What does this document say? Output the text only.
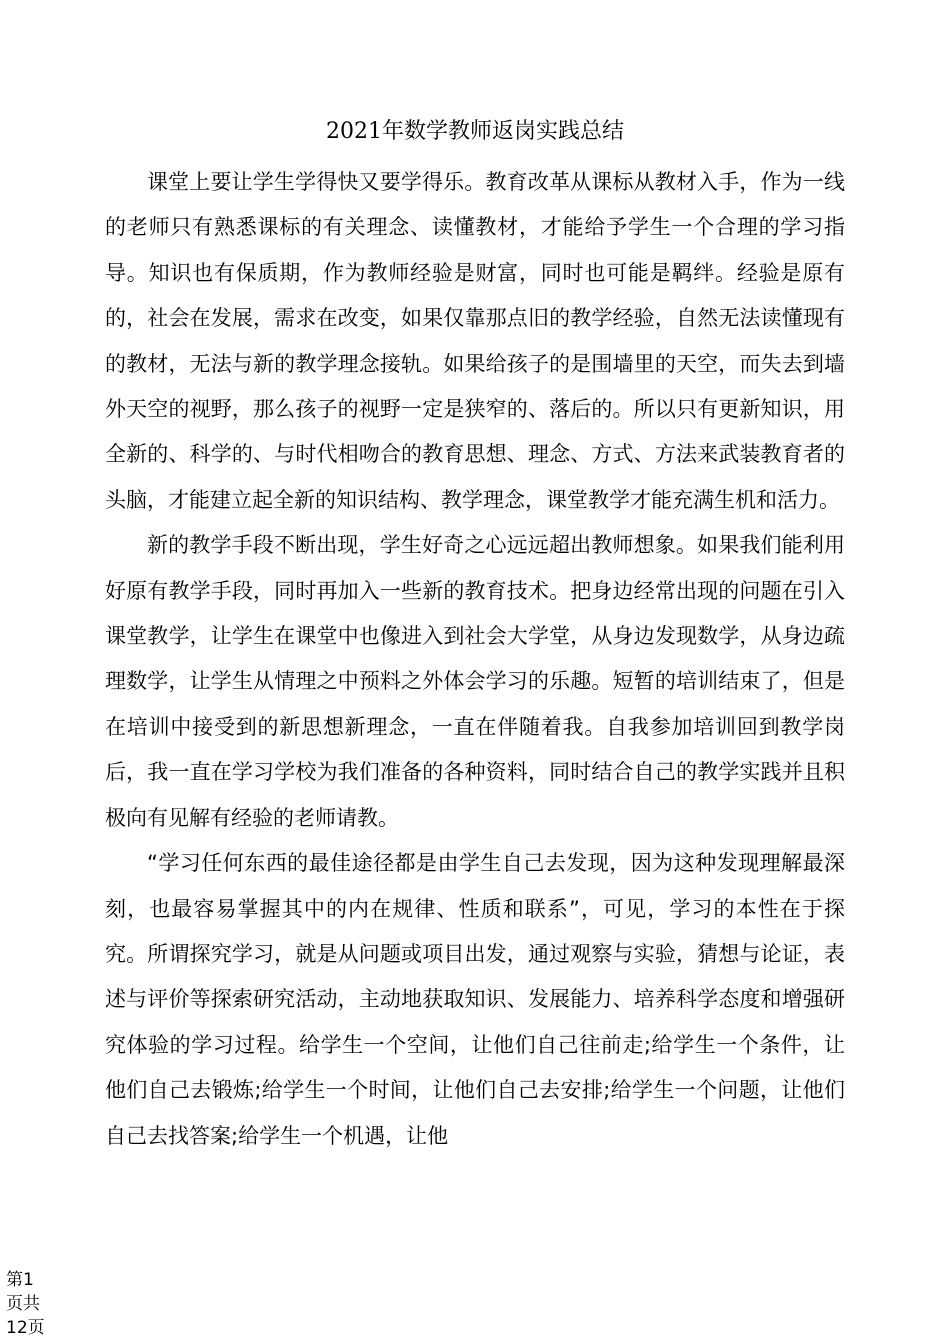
2021年数学教师返岗实践总结

课堂上要让学生学得快又要学得乐。教育改革从课标从教材入手，作为一线的老师只有熟悉课标的有关理念、读懂教材，才能给予学生一个合理的学习指导。知识也有保质期，作为教师经验是财富，同时也可能是羁绊。经验是原有的，社会在发展，需求在改变，如果仅靠那点旧的教学经验，自然无法读懂现有的教材，无法与新的教学理念接轨。如果给孩子的是围墙里的天空，而失去到墙外天空的视野，那么孩子的视野一定是狭窄的、落后的。所以只有更新知识，用全新的、科学的、与时代相吻合的教育思想、理念、方式、方法来武装教育者的头脑，才能建立起全新的知识结构、教学理念，课堂教学才能充满生机和活力。

新的教学手段不断出现，学生好奇之心远远超出教师想象。如果我们能利用好原有教学手段，同时再加入一些新的教育技术。把身边经常出现的问题在引入课堂教学，让学生在课堂中也像进入到社会大学堂，从身边发现数学，从身边疏理数学，让学生从情理之中预料之外体会学习的乐趣。短暂的培训结束了，但是在培训中接受到的新思想新理念，一直在伴随着我。自我参加培训回到教学岗后，我一直在学习学校为我们准备的各种资料，同时结合自己的教学实践并且积极向有见解有经验的老师请教。

“学习任何东西的最佳途径都是由学生自己去发现，因为这种发现理解最深刻，也最容易掌握其中的内在规律、性质和联系”，可见，学习的本性在于探究。所谓探究学习，就是从问题或项目出发，通过观察与实验，猜想与论证，表述与评价等探索研究活动，主动地获取知识、发展能力、培养科学态度和增强研究体验的学习过程。给学生一个空间，让他们自己往前走;给学生一个条件，让他们自己去锻炼;给学生一个时间，让他们自己去安排;给学生一个问题，让他们自己去找答案;给学生一个机遇，让他

第1
页共
12页
